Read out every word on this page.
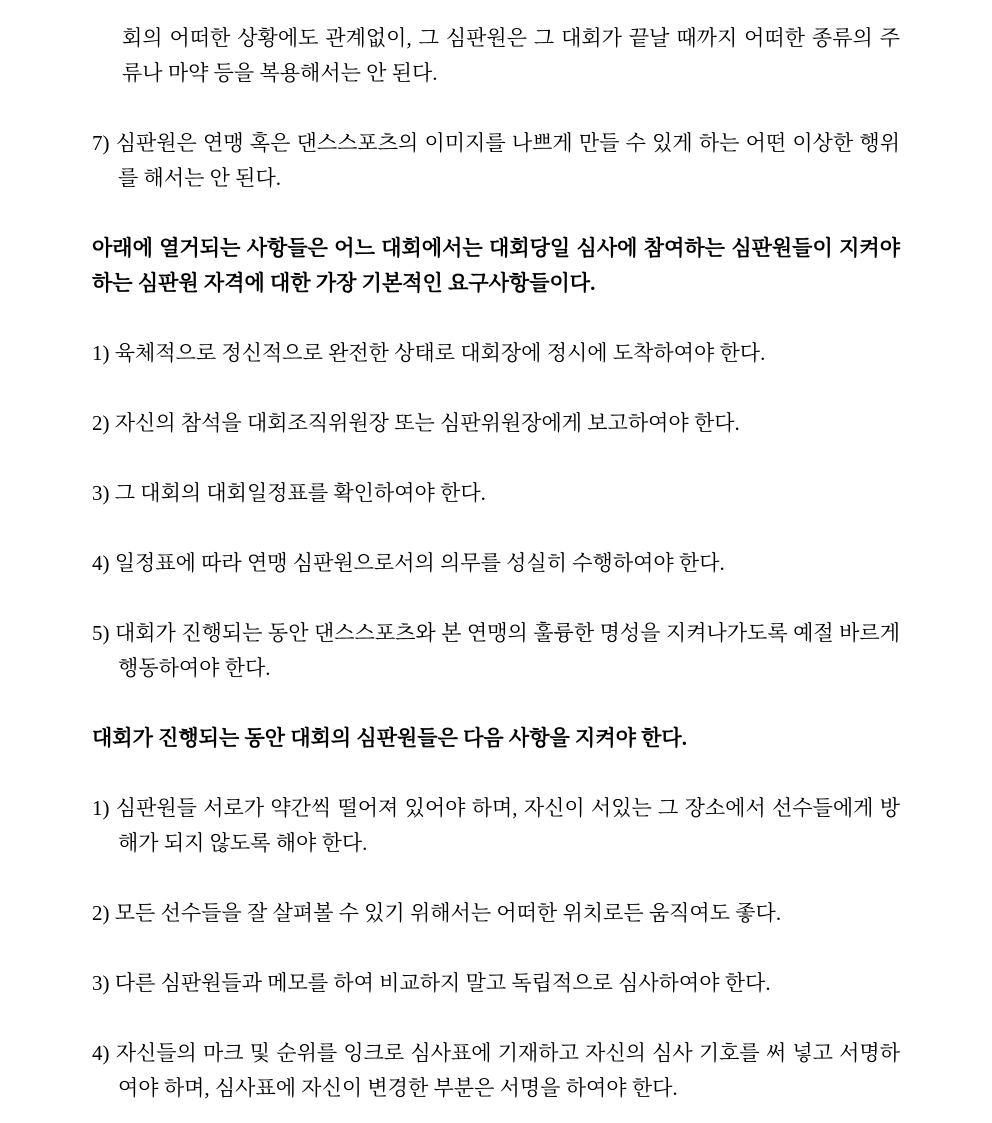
회의 어떠한 상황에도 관계없이, 그 심판원은 그 대회가 끝날 때까지 어떠한 종류의 주류나 마약 등을 복용해서는 안 된다.

7) 심판원은 연맹 혹은 댄스스포츠의 이미지를 나쁘게 만들 수 있게 하는 어떤 이상한 행위를 해서는 안 된다.

아래에 열거되는 사항들은 어느 대회에서는 대회당일 심사에 참여하는 심판원들이 지켜야 하는 심판원 자격에 대한 가장 기본적인 요구사항들이다.

1) 육체적으로 정신적으로 완전한 상태로 대회장에 정시에 도착하여야 한다.

2) 자신의 참석을 대회조직위원장 또는 심판위원장에게 보고하여야 한다.

3) 그 대회의 대회일정표를 확인하여야 한다.

4) 일정표에 따라 연맹 심판원으로서의 의무를 성실히 수행하여야 한다.

5) 대회가 진행되는 동안 댄스스포츠와 본 연맹의 훌륭한 명성을 지켜나가도록 예절 바르게 행동하여야 한다.

대회가 진행되는 동안 대회의 심판원들은 다음 사항을 지켜야 한다.

1) 심판원들 서로가 약간씩 떨어져 있어야 하며, 자신이 서있는 그 장소에서 선수들에게 방해가 되지 않도록 해야 한다.

2) 모든 선수들을 잘 살펴볼 수 있기 위해서는 어떠한 위치로든 움직여도 좋다.

3) 다른 심판원들과 메모를 하여 비교하지 말고 독립적으로 심사하여야 한다.

4) 자신들의 마크 및 순위를 잉크로 심사표에 기재하고 자신의 심사 기호를 써 넣고 서명하여야 하며, 심사표에 자신이 변경한 부분은 서명을 하여야 한다.
